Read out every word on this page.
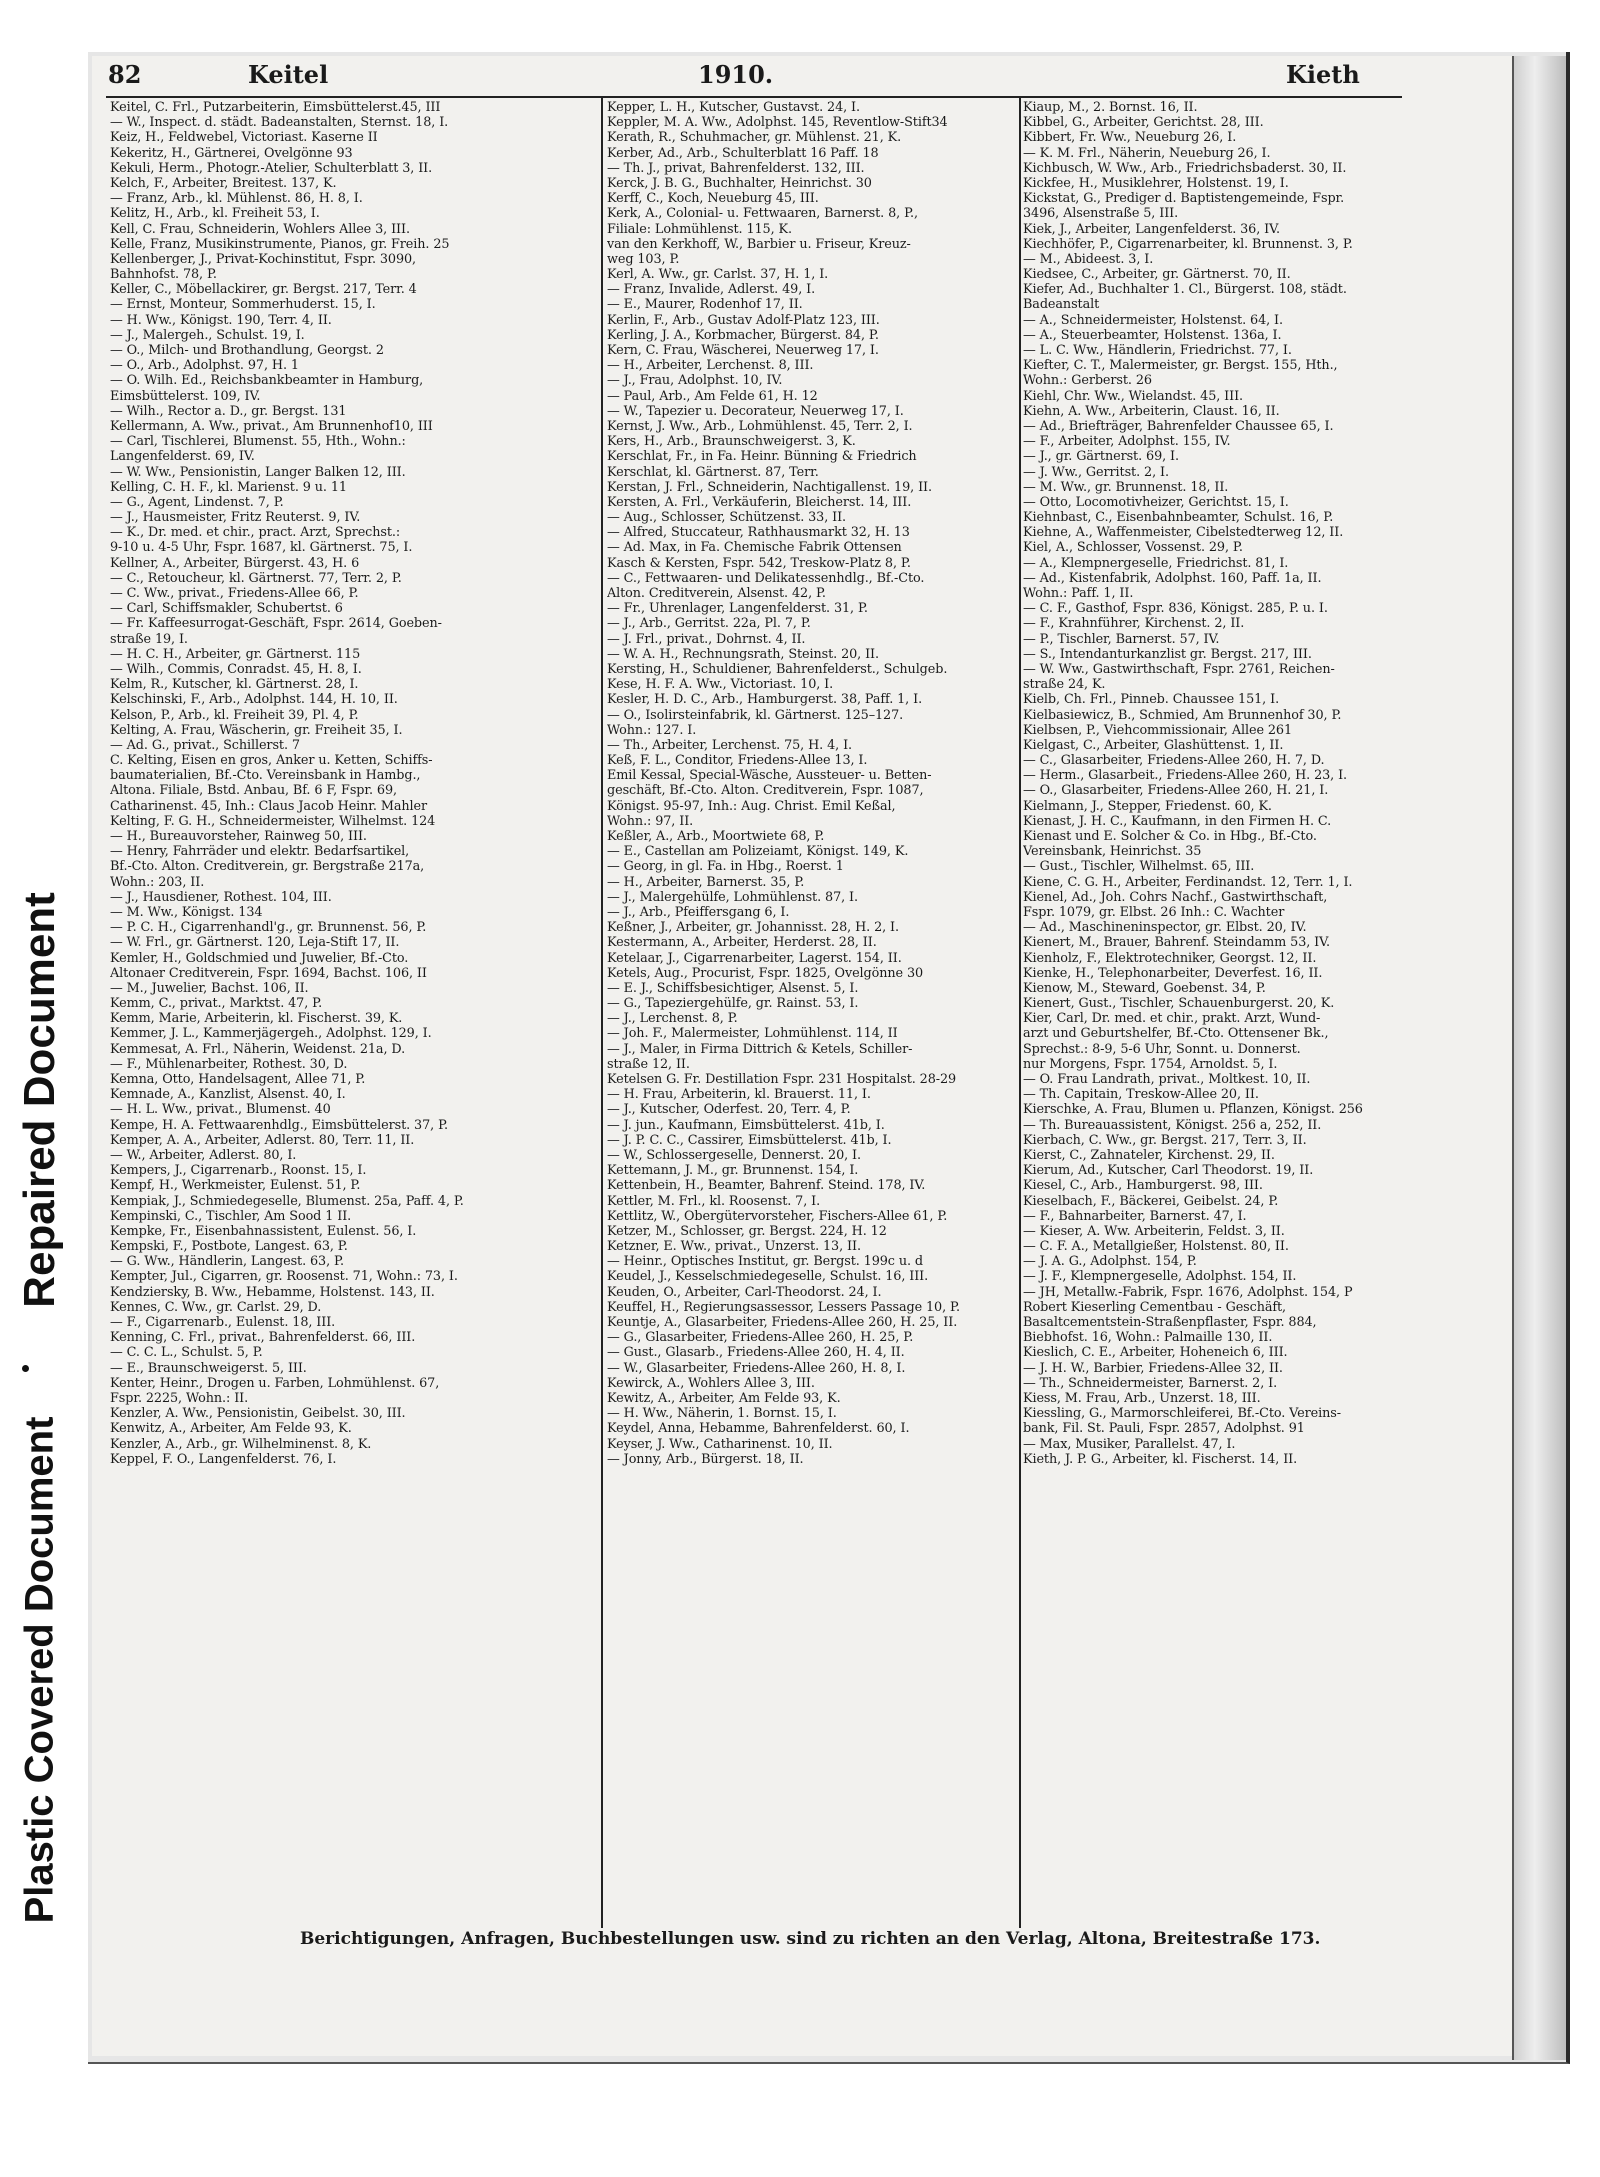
Repaired Document
Plastic Covered Document
82	Keitel	1910.	Kieth

Keitel, C. Frl., Putzarbeiterin, Eimsbüttelerst.45, III

— W., Inspect. d. städt. Badeanstalten, Sternst. 18, I.

Keiz, H., Feldwebel, Victoriast. Kaserne II

Kekeritz, H., Gärtnerei, Ovelgönne 93

Kekuli, Herm., Photogr.-Atelier, Schulterblatt 3, II.

Kelch, F., Arbeiter, Breitest. 137, K.

— Franz, Arb., kl. Mühlenst. 86, H. 8, I.

Kelitz, H., Arb., kl. Freiheit 53, I.

Kell, C. Frau, Schneiderin, Wohlers Allee 3, III.

Kelle, Franz, Musikinstrumente, Pianos, gr. Freih. 25

Kellenberger, J., Privat-Kochinstitut, Fspr. 3090,

Bahnhofst. 78, P.

Keller, C., Möbellackirer, gr. Bergst. 217, Terr. 4

— Ernst, Monteur, Sommerhuderst. 15, I.

— H. Ww., Königst. 190, Terr. 4, II.

— J., Malergeh., Schulst. 19, I.

— O., Milch- und Brothandlung, Georgst. 2

— O., Arb., Adolphst. 97, H. 1

— O. Wilh. Ed., Reichsbankbeamter in Hamburg,

Eimsbüttelerst. 109, IV.

— Wilh., Rector a. D., gr. Bergst. 131

Kellermann, A. Ww., privat., Am Brunnenhof10, III

— Carl, Tischlerei, Blumenst. 55, Hth., Wohn.:

Langenfelderst. 69, IV.

— W. Ww., Pensionistin, Langer Balken 12, III.

Kelling, C. H. F., kl. Marienst. 9 u. 11

— G., Agent, Lindenst. 7, P.

— J., Hausmeister, Fritz Reuterst. 9, IV.

— K., Dr. med. et chir., pract. Arzt, Sprechst.:

9-10 u. 4-5 Uhr, Fspr. 1687, kl. Gärtnerst. 75, I.

Kellner, A., Arbeiter, Bürgerst. 43, H. 6

— C., Retoucheur, kl. Gärtnerst. 77, Terr. 2, P.

— C. Ww., privat., Friedens-Allee 66, P.

— Carl, Schiffsmakler, Schubertst. 6

— Fr. Kaffeesurrogat-Geschäft, Fspr. 2614, Goeben-

straße 19, I.

— H. C. H., Arbeiter, gr. Gärtnerst. 115

— Wilh., Commis, Conradst. 45, H. 8, I.

Kelm, R., Kutscher, kl. Gärtnerst. 28, I.

Kelschinski, F., Arb., Adolphst. 144, H. 10, II.

Kelson, P., Arb., kl. Freiheit 39, Pl. 4, P.

Kelting, A. Frau, Wäscherin, gr. Freiheit 35, I.

— Ad. G., privat., Schillerst. 7

C. Kelting, Eisen en gros, Anker u. Ketten, Schiffs-

baumaterialien, Bf.-Cto. Vereinsbank in Hambg.,

Altona. Filiale, Bstd. Anbau, Bf. 6 F, Fspr. 69,

Catharinenst. 45, Inh.: Claus Jacob Heinr. Mahler

Kelting, F. G. H., Schneidermeister, Wilhelmst. 124

— H., Bureauvorsteher, Rainweg 50, III.

— Henry, Fahrräder und elektr. Bedarfsartikel,

Bf.-Cto. Alton. Creditverein, gr. Bergstraße 217a,

Wohn.: 203, II.

— J., Hausdiener, Rothest. 104, III.

— M. Ww., Königst. 134

— P. C. H., Cigarrenhandl'g., gr. Brunnenst. 56, P.

— W. Frl., gr. Gärtnerst. 120, Leja-Stift 17, II.

Kemler, H., Goldschmied und Juwelier, Bf.-Cto.

Altonaer Creditverein, Fspr. 1694, Bachst. 106, II

— M., Juwelier, Bachst. 106, II.

Kemm, C., privat., Marktst. 47, P.

Kemm, Marie, Arbeiterin, kl. Fischerst. 39, K.

Kemmer, J. L., Kammerjägergeh., Adolphst. 129, I.

Kemmesat, A. Frl., Näherin, Weidenst. 21a, D.

— F., Mühlenarbeiter, Rothest. 30, D.

Kemna, Otto, Handelsagent, Allee 71, P.

Kemnade, A., Kanzlist, Alsenst. 40, I.

— H. L. Ww., privat., Blumenst. 40

Kempe, H. A. Fettwaarenhdlg., Eimsbüttelerst. 37, P.

Kemper, A. A., Arbeiter, Adlerst. 80, Terr. 11, II.

— W., Arbeiter, Adlerst. 80, I.

Kempers, J., Cigarrenarb., Roonst. 15, I.

Kempf, H., Werkmeister, Eulenst. 51, P.

Kempiak, J., Schmiedegeselle, Blumenst. 25a, Paff. 4, P.

Kempinski, C., Tischler, Am Sood 1 II.

Kempke, Fr., Eisenbahnassistent, Eulenst. 56, I.

Kempski, F., Postbote, Langest. 63, P.

— G. Ww., Händlerin, Langest. 63, P.

Kempter, Jul., Cigarren, gr. Roosenst. 71, Wohn.: 73, I.

Kendziersky, B. Ww., Hebamme, Holstenst. 143, II.

Kennes, C. Ww., gr. Carlst. 29, D.

— F., Cigarrenarb., Eulenst. 18, III.

Kenning, C. Frl., privat., Bahrenfelderst. 66, III.

— C. C. L., Schulst. 5, P.

— E., Braunschweigerst. 5, III.

Kenter, Heinr., Drogen u. Farben, Lohmühlenst. 67,

Fspr. 2225, Wohn.: II.

Kenzler, A. Ww., Pensionistin, Geibelst. 30, III.

Kenwitz, A., Arbeiter, Am Felde 93, K.

Kenzler, A., Arb., gr. Wilhelminenst. 8, K.

Keppel, F. O., Langenfelderst. 76, I.

Kepper, L. H., Kutscher, Gustavst. 24, I.

Keppler, M. A. Ww., Adolphst. 145, Reventlow-Stift34

Kerath, R., Schuhmacher, gr. Mühlenst. 21, K.

Kerber, Ad., Arb., Schulterblatt 16 Paff. 18

— Th. J., privat, Bahrenfelderst. 132, III.

Kerck, J. B. G., Buchhalter, Heinrichst. 30

Kerff, C., Koch, Neueburg 45, III.

Kerk, A., Colonial- u. Fettwaaren, Barnerst. 8, P.,

Filiale: Lohmühlenst. 115, K.

van den Kerkhoff, W., Barbier u. Friseur, Kreuz-

weg 103, P.

Kerl, A. Ww., gr. Carlst. 37, H. 1, I.

— Franz, Invalide, Adlerst. 49, I.

— E., Maurer, Rodenhof 17, II.

Kerlin, F., Arb., Gustav Adolf-Platz 123, III.

Kerling, J. A., Korbmacher, Bürgerst. 84, P.

Kern, C. Frau, Wäscherei, Neuerweg 17, I.

— H., Arbeiter, Lerchenst. 8, III.

— J., Frau, Adolphst. 10, IV.

— Paul, Arb., Am Felde 61, H. 12

— W., Tapezier u. Decorateur, Neuerweg 17, I.

Kernst, J. Ww., Arb., Lohmühlenst. 45, Terr. 2, I.

Kers, H., Arb., Braunschweigerst. 3, K.

Kerschlat, Fr., in Fa. Heinr. Bünning & Friedrich

Kerschlat, kl. Gärtnerst. 87, Terr.

Kerstan, J. Frl., Schneiderin, Nachtigallenst. 19, II.

Kersten, A. Frl., Verkäuferin, Bleicherst. 14, III.

— Aug., Schlosser, Schützenst. 33, II.

— Alfred, Stuccateur, Rathhausmarkt 32, H. 13

— Ad. Max, in Fa. Chemische Fabrik Ottensen

Kasch & Kersten, Fspr. 542, Treskow-Platz 8, P.

— C., Fettwaaren- und Delikatessenhdlg., Bf.-Cto.

Alton. Creditverein, Alsenst. 42, P.

— Fr., Uhrenlager, Langenfelderst. 31, P.

— J., Arb., Gerritst. 22a, Pl. 7, P.

— J. Frl., privat., Dohrnst. 4, II.

— W. A. H., Rechnungsrath, Steinst. 20, II.

Kersting, H., Schuldiener, Bahrenfelderst., Schulgeb.

Kese, H. F. A. Ww., Victoriast. 10, I.

Kesler, H. D. C., Arb., Hamburgerst. 38, Paff. 1, I.

— O., Isolirsteinfabrik, kl. Gärtnerst. 125–127.

Wohn.: 127. I.

— Th., Arbeiter, Lerchenst. 75, H. 4, I.

Keß, F. L., Conditor, Friedens-Allee 13, I.

Emil Kessal, Special-Wäsche, Aussteuer- u. Betten-

geschäft, Bf.-Cto. Alton. Creditverein, Fspr. 1087,

Königst. 95-97, Inh.: Aug. Christ. Emil Keßal,

Wohn.: 97, II.

Keßler, A., Arb., Moortwiete 68, P.

— E., Castellan am Polizeiamt, Königst. 149, K.

— Georg, in gl. Fa. in Hbg., Roerst. 1

— H., Arbeiter, Barnerst. 35, P.

— J., Malergehülfe, Lohmühlenst. 87, I.

— J., Arb., Pfeiffersgang 6, I.

Keßner, J., Arbeiter, gr. Johannisst. 28, H. 2, I.

Kestermann, A., Arbeiter, Herderst. 28, II.

Ketelaar, J., Cigarrenarbeiter, Lagerst. 154, II.

Ketels, Aug., Procurist, Fspr. 1825, Ovelgönne 30

— E. J., Schiffsbesichtiger, Alsenst. 5, I.

— G., Tapeziergehülfe, gr. Rainst. 53, I.

— J., Lerchenst. 8, P.

— Joh. F., Malermeister, Lohmühlenst. 114, II

— J., Maler, in Firma Dittrich & Ketels, Schiller-

straße 12, II.

Ketelsen G. Fr. Destillation Fspr. 231 Hospitalst. 28-29

— H. Frau, Arbeiterin, kl. Brauerst. 11, I.

— J., Kutscher, Oderfest. 20, Terr. 4, P.

— J. jun., Kaufmann, Eimsbüttelerst. 41b, I.

— J. P. C. C., Cassirer, Eimsbüttelerst. 41b, I.

— W., Schlossergeselle, Dennerst. 20, I.

Kettemann, J. M., gr. Brunnenst. 154, I.

Kettenbein, H., Beamter, Bahrenf. Steind. 178, IV.

Kettler, M. Frl., kl. Roosenst. 7, I.

Kettlitz, W., Obergütervorsteher, Fischers-Allee 61, P.

Ketzer, M., Schlosser, gr. Bergst. 224, H. 12

Ketzner, E. Ww., privat., Unzerst. 13, II.

— Heinr., Optisches Institut, gr. Bergst. 199c u. d

Keudel, J., Kesselschmiedegeselle, Schulst. 16, III.

Keuden, O., Arbeiter, Carl-Theodorst. 24, I.

Keuffel, H., Regierungsassessor, Lessers Passage 10, P.

Keuntje, A., Glasarbeiter, Friedens-Allee 260, H. 25, II.

— G., Glasarbeiter, Friedens-Allee 260, H. 25, P.

— Gust., Glasarb., Friedens-Allee 260, H. 4, II.

— W., Glasarbeiter, Friedens-Allee 260, H. 8, I.

Kewirck, A., Wohlers Allee 3, III.

Kewitz, A., Arbeiter, Am Felde 93, K.

— H. Ww., Näherin, 1. Bornst. 15, I.

Keydel, Anna, Hebamme, Bahrenfelderst. 60, I.

Keyser, J. Ww., Catharinenst. 10, II.

— Jonny, Arb., Bürgerst. 18, II.

Kiaup, M., 2. Bornst. 16, II.

Kibbel, G., Arbeiter, Gerichtst. 28, III.

Kibbert, Fr. Ww., Neueburg 26, I.

— K. M. Frl., Näherin, Neueburg 26, I.

Kichbusch, W. Ww., Arb., Friedrichsbaderst. 30, II.

Kickfee, H., Musiklehrer, Holstenst. 19, I.

Kickstat, G., Prediger d. Baptistengemeinde, Fspr.

3496, Alsenstraße 5, III.

Kiek, J., Arbeiter, Langenfelderst. 36, IV.

Kiechhöfer, P., Cigarrenarbeiter, kl. Brunnenst. 3, P.

— M., Abideest. 3, I.

Kiedsee, C., Arbeiter, gr. Gärtnerst. 70, II.

Kiefer, Ad., Buchhalter 1. Cl., Bürgerst. 108, städt.

Badeanstalt

— A., Schneidermeister, Holstenst. 64, I.

— A., Steuerbeamter, Holstenst. 136a, I.

— L. C. Ww., Händlerin, Friedrichst. 77, I.

Kiefter, C. T., Malermeister, gr. Bergst. 155, Hth.,

Wohn.: Gerberst. 26

Kiehl, Chr. Ww., Wielandst. 45, III.

Kiehn, A. Ww., Arbeiterin, Claust. 16, II.

— Ad., Briefträger, Bahrenfelder Chaussee 65, I.

— F., Arbeiter, Adolphst. 155, IV.

— J., gr. Gärtnerst. 69, I.

— J. Ww., Gerritst. 2, I.

— M. Ww., gr. Brunnenst. 18, II.

— Otto, Locomotivheizer, Gerichtst. 15, I.

Kiehnbast, C., Eisenbahnbeamter, Schulst. 16, P.

Kiehne, A., Waffenmeister, Cibelstedterweg 12, II.

Kiel, A., Schlosser, Vossenst. 29, P.

— A., Klempnergeselle, Friedrichst. 81, I.

— Ad., Kistenfabrik, Adolphst. 160, Paff. 1a, II.

Wohn.: Paff. 1, II.

— C. F., Gasthof, Fspr. 836, Königst. 285, P. u. I.

— F., Krahnführer, Kirchenst. 2, II.

— P., Tischler, Barnerst. 57, IV.

— S., Intendanturkanzlist gr. Bergst. 217, III.

— W. Ww., Gastwirthschaft, Fspr. 2761, Reichen-

straße 24, K.

Kielb, Ch. Frl., Pinneb. Chaussee 151, I.

Kielbasiewicz, B., Schmied, Am Brunnenhof 30, P.

Kielbsen, P., Viehcommissionair, Allee 261

Kielgast, C., Arbeiter, Glashüttenst. 1, II.

— C., Glasarbeiter, Friedens-Allee 260, H. 7, D.

— Herm., Glasarbeit., Friedens-Allee 260, H. 23, I.

— O., Glasarbeiter, Friedens-Allee 260, H. 21, I.

Kielmann, J., Stepper, Friedenst. 60, K.

Kienast, J. H. C., Kaufmann, in den Firmen H. C.

Kienast und E. Solcher & Co. in Hbg., Bf.-Cto.

Vereinsbank, Heinrichst. 35

— Gust., Tischler, Wilhelmst. 65, III.

Kiene, C. G. H., Arbeiter, Ferdinandst. 12, Terr. 1, I.

Kienel, Ad., Joh. Cohrs Nachf., Gastwirthschaft,

Fspr. 1079, gr. Elbst. 26 Inh.: C. Wachter

— Ad., Maschineninspector, gr. Elbst. 20, IV.

Kienert, M., Brauer, Bahrenf. Steindamm 53, IV.

Kienholz, F., Elektrotechniker, Georgst. 12, II.

Kienke, H., Telephonarbeiter, Deverfest. 16, II.

Kienow, M., Steward, Goebenst. 34, P.

Kienert, Gust., Tischler, Schauenburgerst. 20, K.

Kier, Carl, Dr. med. et chir., prakt. Arzt, Wund-

arzt und Geburtshelfer, Bf.-Cto. Ottensener Bk.,

Sprechst.: 8-9, 5-6 Uhr, Sonnt. u. Donnerst.

nur Morgens, Fspr. 1754, Arnoldst. 5, I.

— O. Frau Landrath, privat., Moltkest. 10, II.

— Th. Capitain, Treskow-Allee 20, II.

Kierschke, A. Frau, Blumen u. Pflanzen, Königst. 256

— Th. Bureauassistent, Königst. 256 a, 252, II.

Kierbach, C. Ww., gr. Bergst. 217, Terr. 3, II.

Kierst, C., Zahnateler, Kirchenst. 29, II.

Kierum, Ad., Kutscher, Carl Theodorst. 19, II.

Kiesel, C., Arb., Hamburgerst. 98, III.

Kieselbach, F., Bäckerei, Geibelst. 24, P.

— F., Bahnarbeiter, Barnerst. 47, I.

— Kieser, A. Ww. Arbeiterin, Feldst. 3, II.

— C. F. A., Metallgießer, Holstenst. 80, II.

— J. A. G., Adolphst. 154, P.

— J. F., Klempnergeselle, Adolphst. 154, II.

— JH, Metallw.-Fabrik, Fspr. 1676, Adolphst. 154, P

Robert Kieserling Cementbau - Geschäft,

Basaltcementstein-Straßenpflaster, Fspr. 884,

Biebhofst. 16, Wohn.: Palmaille 130, II.

Kieslich, C. E., Arbeiter, Hoheneich 6, III.

— J. H. W., Barbier, Friedens-Allee 32, II.

— Th., Schneidermeister, Barnerst. 2, I.

Kiess, M. Frau, Arb., Unzerst. 18, III.

Kiessling, G., Marmorschleiferei, Bf.-Cto. Vereins-

bank, Fil. St. Pauli, Fspr. 2857, Adolphst. 91

— Max, Musiker, Parallelst. 47, I.

Kieth, J. P. G., Arbeiter, kl. Fischerst. 14, II.

Berichtigungen, Anfragen, Buchbestellungen usw. sind zu richten an den Verlag, Altona, Breitestraße 173.
